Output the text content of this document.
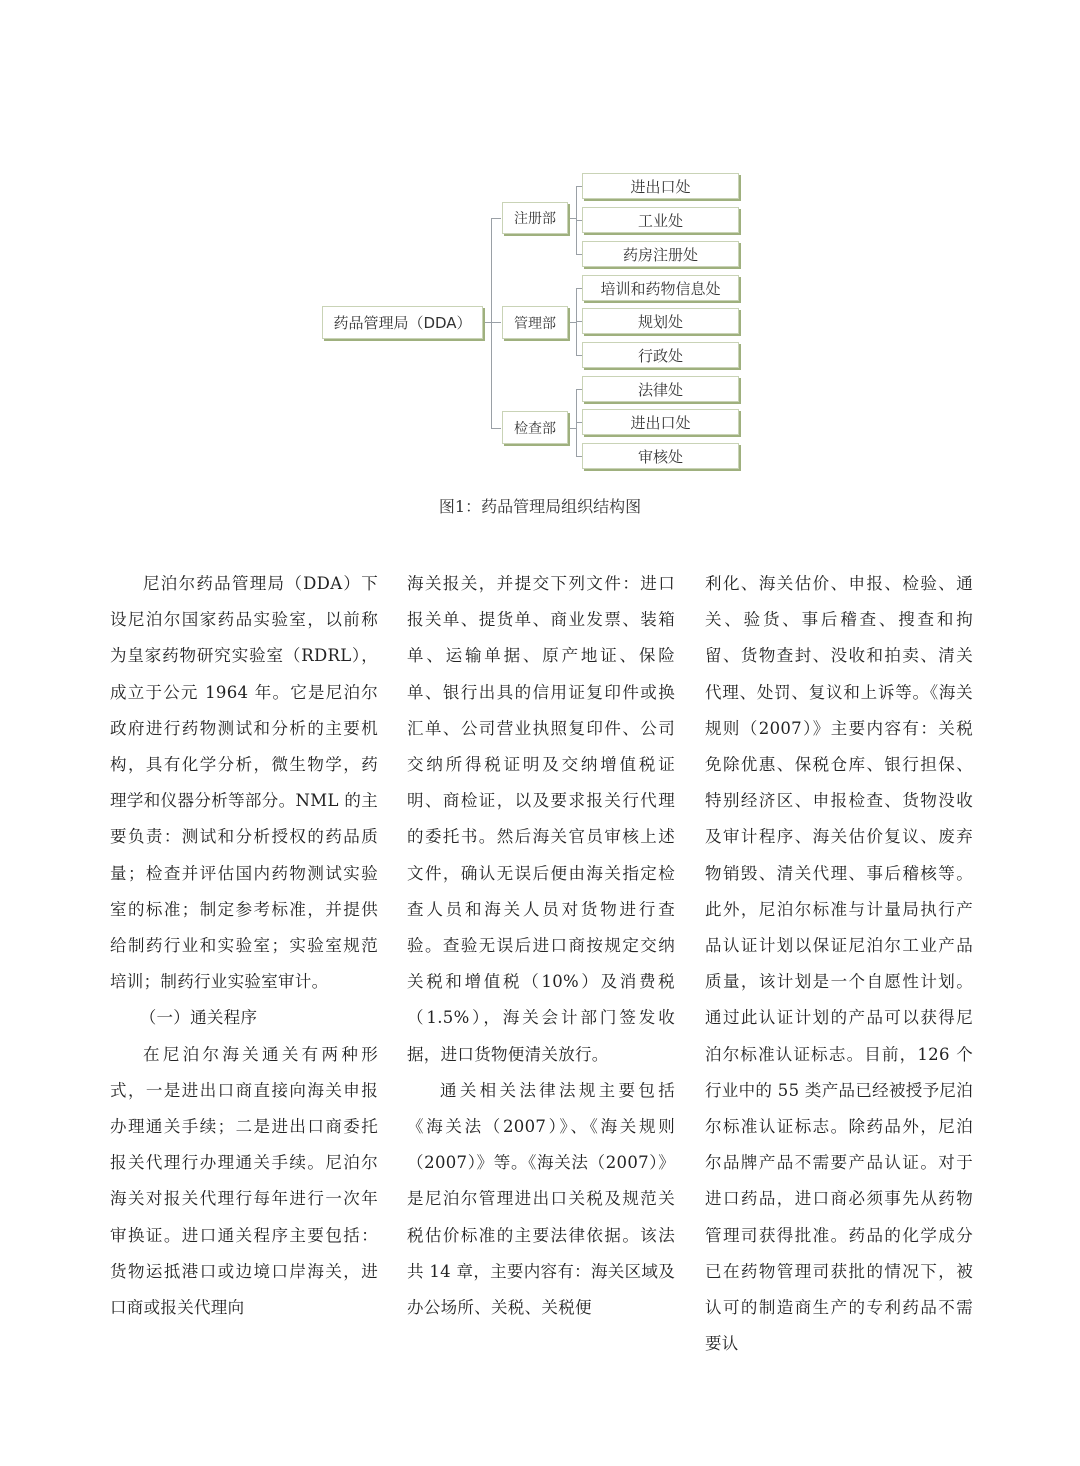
药品管理局（DDA）
注册部
管理部
检查部
进出口处
工业处
药房注册处
培训和药物信息处
规划处
行政处
法律处
进出口处
审核处
图1：药品管理局组织结构图

尼泊尔药品管理局（DDA）下设尼泊尔国家药品实验室，以前称为皇家药物研究实验室（RDRL），成立于公元 1964 年。它是尼泊尔政府进行药物测试和分析的主要机构，具有化学分析，微生物学，药理学和仪器分析等部分。NML 的主要负责：测试和分析授权的药品质量；检查并评估国内药物测试实验室的标准；制定参考标准，并提供给制药行业和实验室；实验室规范培训；制药行业实验室审计。

（一）通关程序

在尼泊尔海关通关有两种形式，一是进出口商直接向海关申报办理通关手续；二是进出口商委托报关代理行办理通关手续。尼泊尔海关对报关代理行每年进行一次年审换证。进口通关程序主要包括：货物运抵港口或边境口岸海关，进口商或报关代理向

海关报关，并提交下列文件：进口报关单、提货单、商业发票、装箱单、运输单据、原产地证、保险单、银行出具的信用证复印件或换汇单、公司营业执照复印件、公司交纳所得税证明及交纳增值税证明、商检证，以及要求报关行代理的委托书。然后海关官员审核上述文件，确认无误后便由海关指定检查人员和海关人员对货物进行查验。查验无误后进口商按规定交纳关税和增值税（10%）及消费税（1.5%），海关会计部门签发收据，进口货物便清关放行。

通关相关法律法规主要包括《海关法（2007）》、《海关规则（2007）》等。《海关法（2007）》是尼泊尔管理进出口关税及规范关税估价标准的主要法律依据。该法共 14 章，主要内容有：海关区域及办公场所、关税、关税便

利化、海关估价、申报、检验、通关、验货、事后稽查、搜查和拘留、货物查封、没收和拍卖、清关代理、处罚、复议和上诉等。《海关规则（2007）》主要内容有：关税免除优惠、保税仓库、银行担保、特别经济区、申报检查、货物没收及审计程序、海关估价复议、废弃物销毁、清关代理、事后稽核等。此外，尼泊尔标准与计量局执行产品认证计划以保证尼泊尔工业产品质量，该计划是一个自愿性计划。通过此认证计划的产品可以获得尼泊尔标准认证标志。目前，126 个行业中的 55 类产品已经被授予尼泊尔标准认证标志。除药品外，尼泊尔品牌产品不需要产品认证。对于进口药品，进口商必须事先从药物管理司获得批准。药品的化学成分已在药物管理司获批的情况下，被认可的制造商生产的专利药品不需要认
